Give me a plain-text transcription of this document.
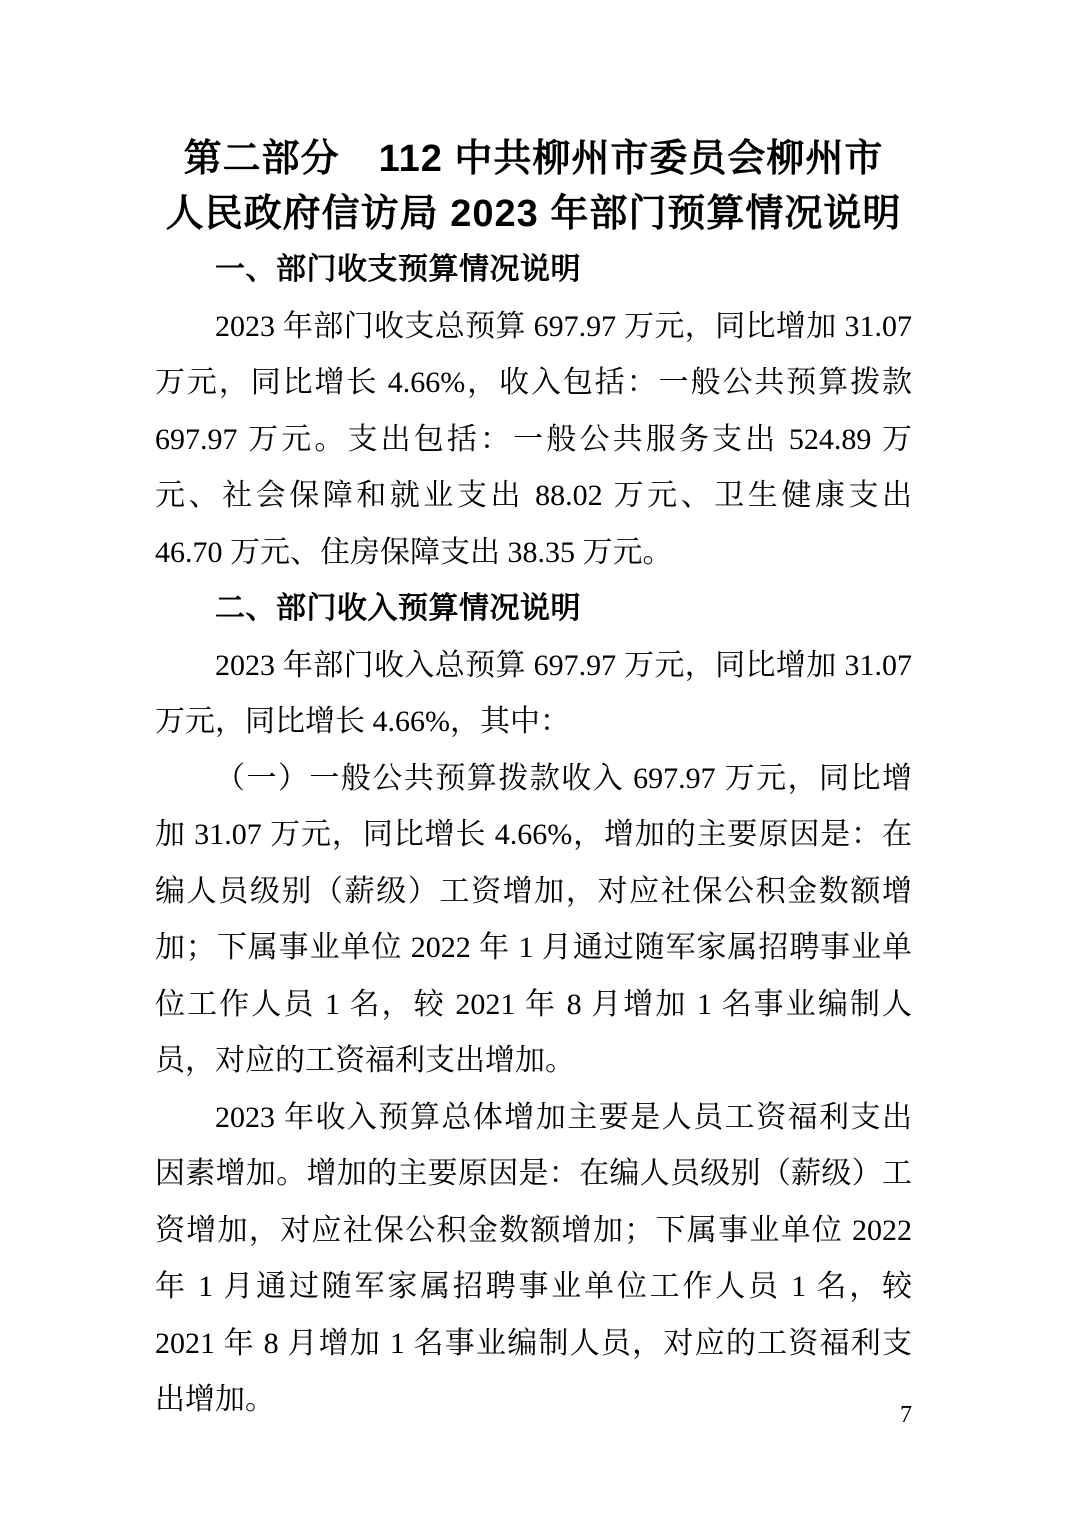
第二部分　112 中共柳州市委员会柳州市
人民政府信访局 2023 年部门预算情况说明
一、部门收支预算情况说明

2023 年部门收支总预算 697.97 万元，同比增加 31.07 万元，同比增长 4.66%，收入包括：一般公共预算拨款 697.97 万元。支出包括：一般公共服务支出 524.89 万元、社会保障和就业支出 88.02 万元、卫生健康支出 46.70 万元、住房保障支出 38.35 万元。

二、部门收入预算情况说明

2023 年部门收入总预算 697.97 万元，同比增加 31.07 万元，同比增长 4.66%，其中：

（一）一般公共预算拨款收入 697.97 万元，同比增加 31.07 万元，同比增长 4.66%，增加的主要原因是：在编人员级别（薪级）工资增加，对应社保公积金数额增加；下属事业单位 2022 年 1 月通过随军家属招聘事业单位工作人员 1 名，较 2021 年 8 月增加 1 名事业编制人员，对应的工资福利支出增加。

2023 年收入预算总体增加主要是人员工资福利支出因素增加。增加的主要原因是：在编人员级别（薪级）工资增加，对应社保公积金数额增加；下属事业单位 2022 年 1 月通过随军家属招聘事业单位工作人员 1 名，较 2021 年 8 月增加 1 名事业编制人员，对应的工资福利支出增加。	7
